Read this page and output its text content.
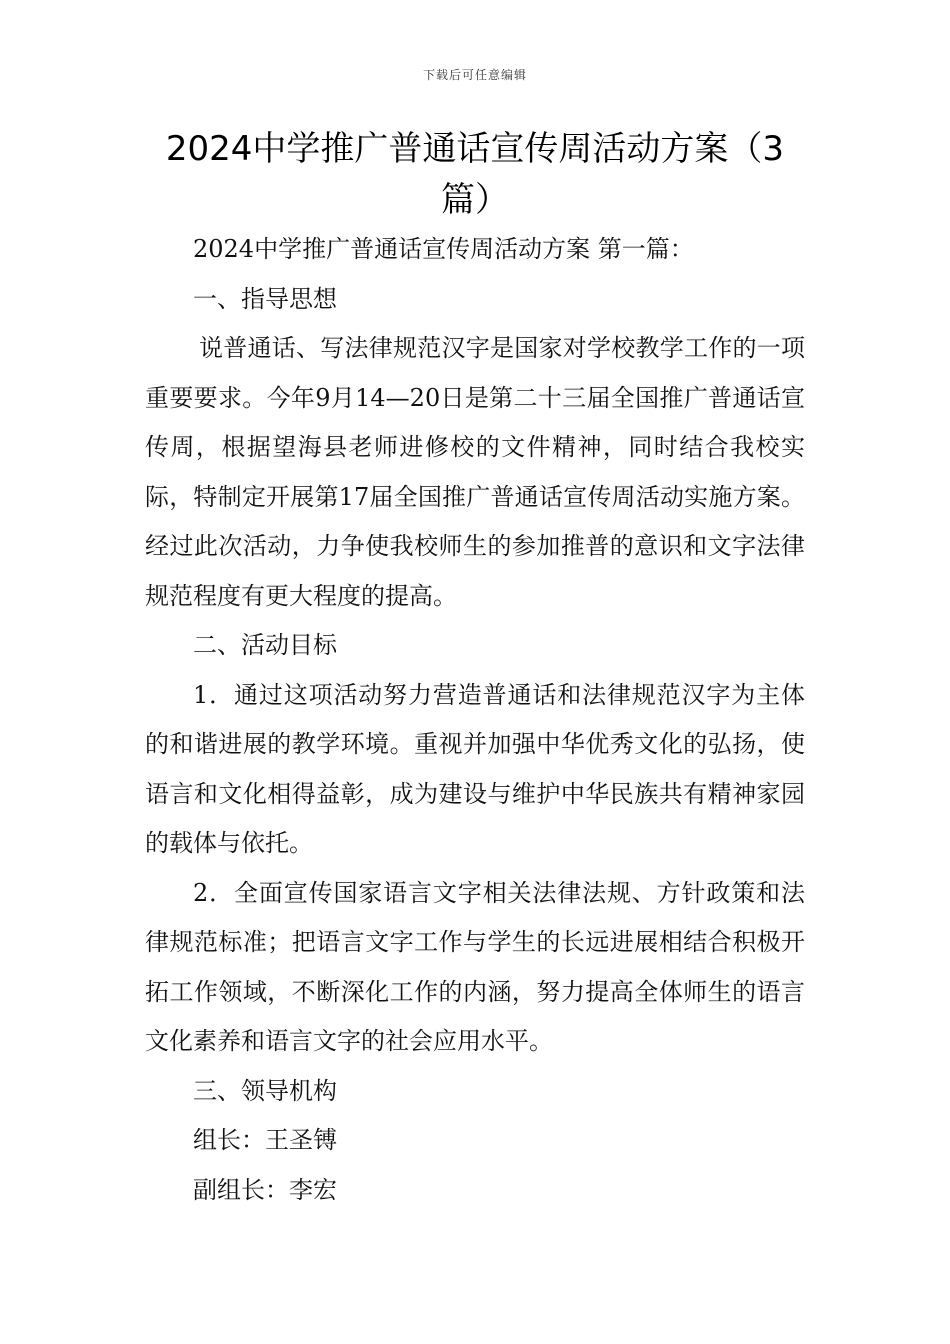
下载后可任意编辑
2024中学推广普通话宣传周活动方案（3篇）

2024中学推广普通话宣传周活动方案 第一篇：

一、指导思想

说普通话、写法律规范汉字是国家对学校教学工作的一项重要要求。今年9月14—20日是第二十三届全国推广普通话宣传周，根据望海县老师进修校的文件精神，同时结合我校实际，特制定开展第17届全国推广普通话宣传周活动实施方案。经过此次活动，力争使我校师生的参加推普的意识和文字法律规范程度有更大程度的提高。

二、活动目标

1．通过这项活动努力营造普通话和法律规范汉字为主体的和谐进展的教学环境。重视并加强中华优秀文化的弘扬，使语言和文化相得益彰，成为建设与维护中华民族共有精神家园的载体与依托。

2．全面宣传国家语言文字相关法律法规、方针政策和法律规范标准；把语言文字工作与学生的长远进展相结合积极开拓工作领域，不断深化工作的内涵，努力提高全体师生的语言文化素养和语言文字的社会应用水平。

三、领导机构

组长：王圣镈

副组长：李宏
